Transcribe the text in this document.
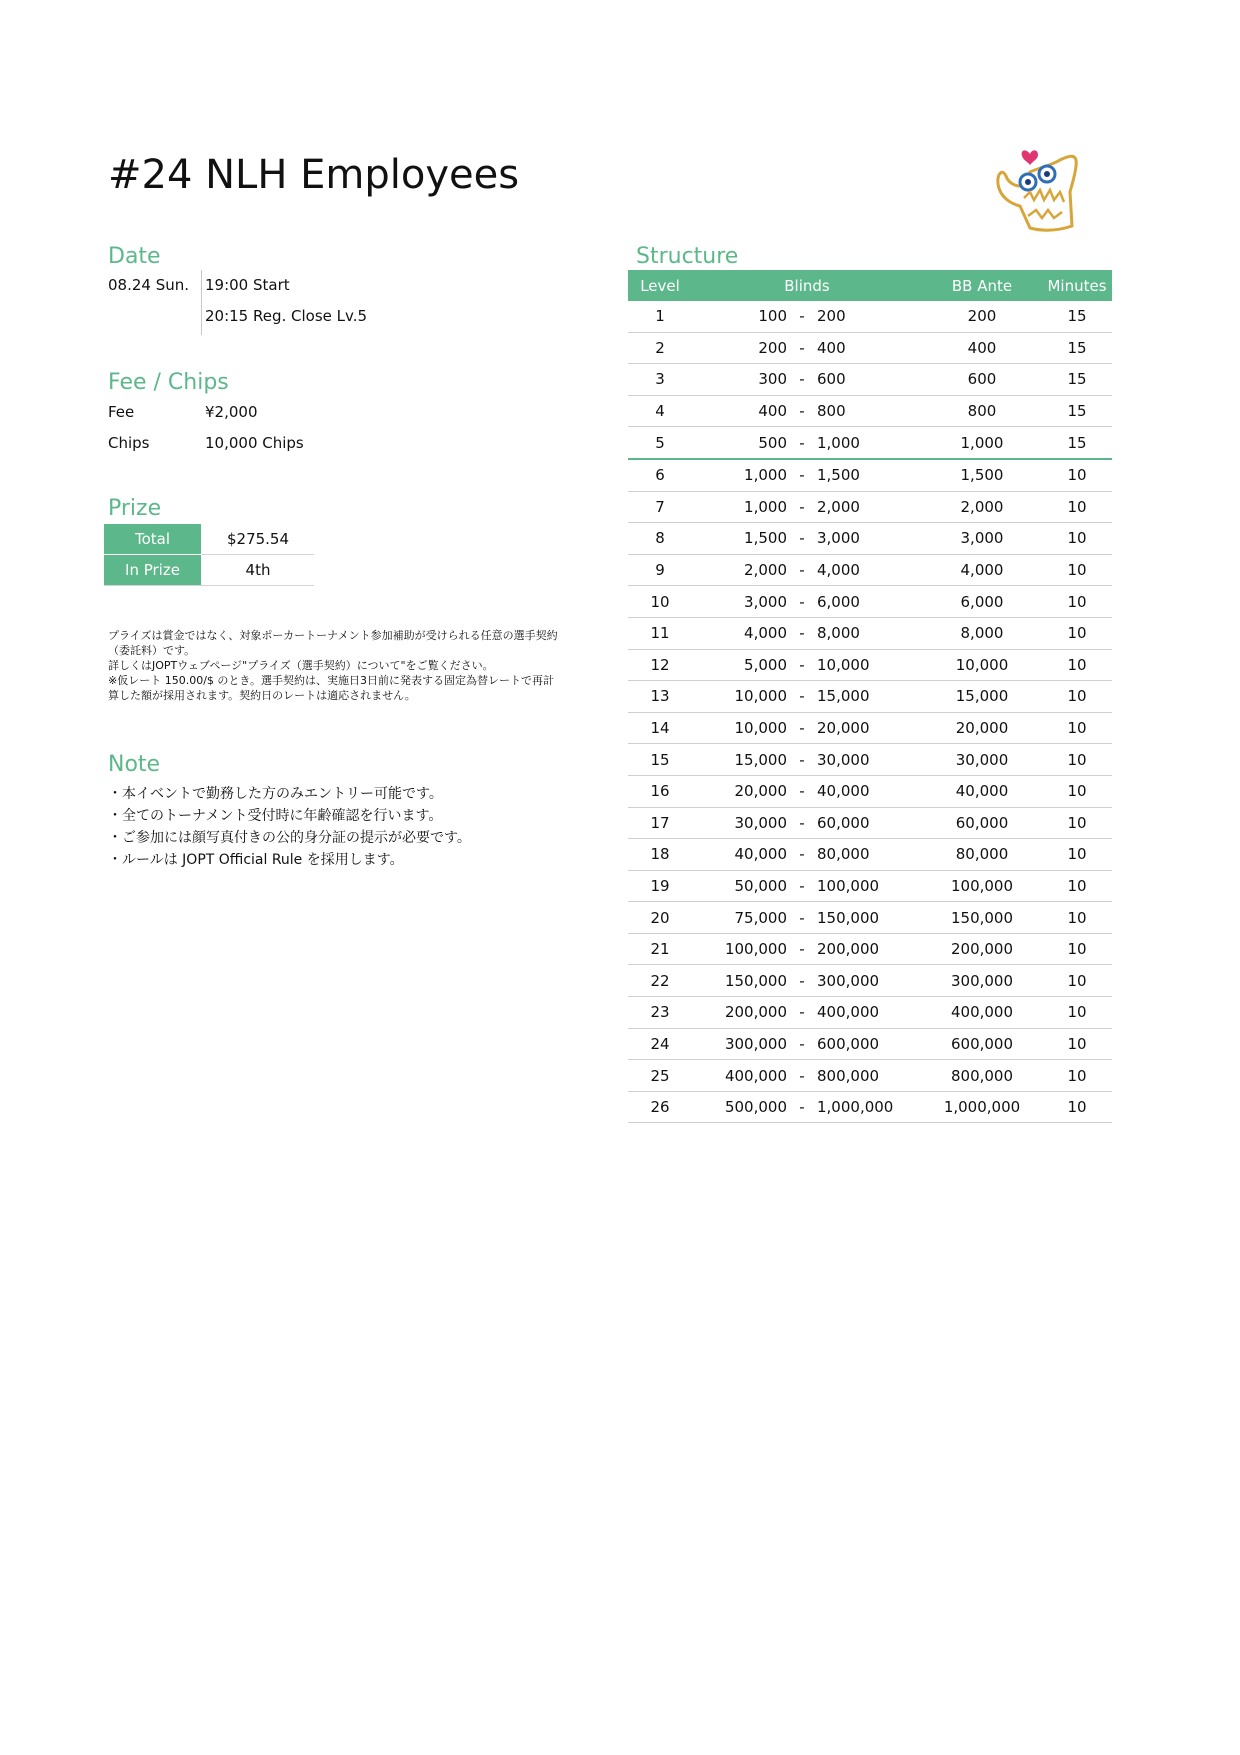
#24 NLH Employees
Date
08.24 Sun. 19:00 Start
20:15 Reg. Close Lv.5
Fee / Chips
Fee	¥2,000
Chips	10,000 Chips
Prize
Total	$275.54
In Prize	4th
プライズは賞金ではなく、対象ポーカートーナメント参加補助が受けられる任意の選手契約
（委託料）です。
詳しくはJOPTウェブページ"プライズ（選手契約）について"をご覧ください。
※仮レート 150.00/$ のとき。選手契約は、実施日3日前に発表する固定為替レートで再計
算した額が採用されます。契約日のレートは適応されません。
Note
・本イベントで勤務した方のみエントリー可能です。
・全てのトーナメント受付時に年齢確認を行います。
・ご参加には顔写真付きの公的身分証の提示が必要です。
・ルールは JOPT Official Rule を採用します。
Structure
Level	Blinds			BB Ante	Minutes
1	100	-	200	200	15
2	200	-	400	400	15
3	300	-	600	600	15
4	400	-	800	800	15
5	500	-	1,000	1,000	15
6	1,000	-	1,500	1,500	10
7	1,000	-	2,000	2,000	10
8	1,500	-	3,000	3,000	10
9	2,000	-	4,000	4,000	10
10	3,000	-	6,000	6,000	10
11	4,000	-	8,000	8,000	10
12	5,000	-	10,000	10,000	10
13	10,000	-	15,000	15,000	10
14	10,000	-	20,000	20,000	10
15	15,000	-	30,000	30,000	10
16	20,000	-	40,000	40,000	10
17	30,000	-	60,000	60,000	10
18	40,000	-	80,000	80,000	10
19	50,000	-	100,000	100,000	10
20	75,000	-	150,000	150,000	10
21	100,000	-	200,000	200,000	10
22	150,000	-	300,000	300,000	10
23	200,000	-	400,000	400,000	10
24	300,000	-	600,000	600,000	10
25	400,000	-	800,000	800,000	10
26	500,000	-	1,000,000	1,000,000	10
